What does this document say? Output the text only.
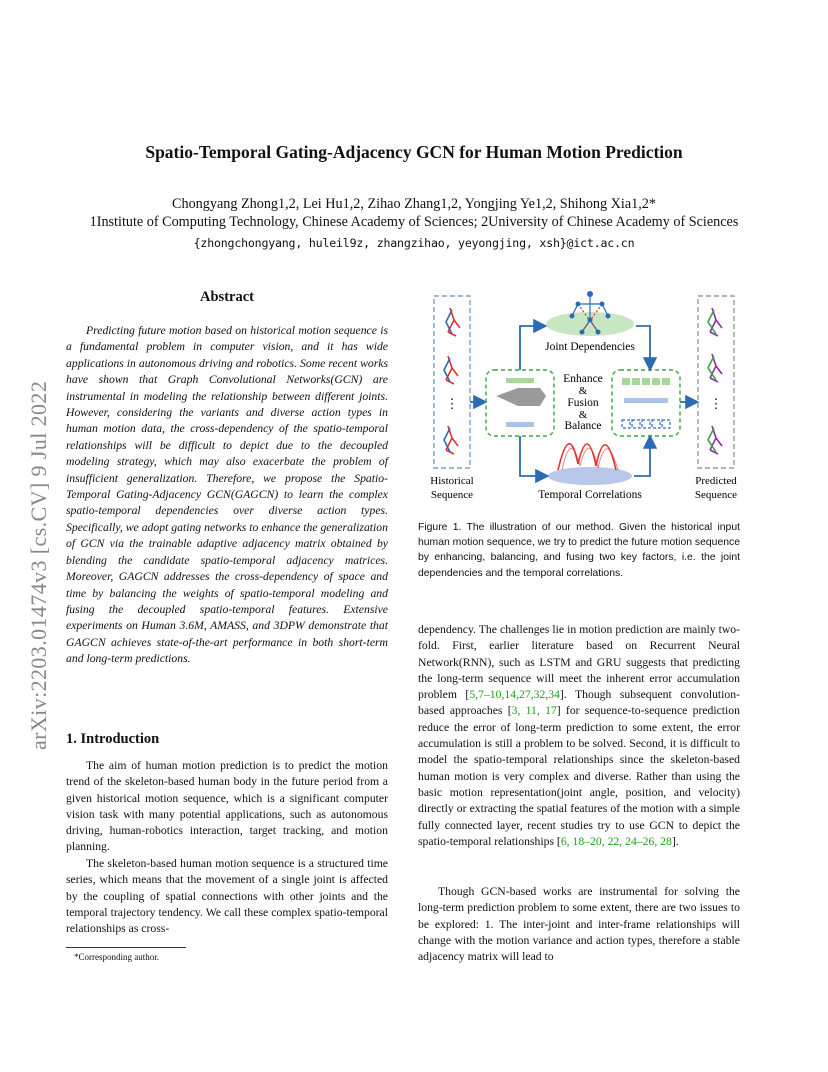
Spatio-Temporal Gating-Adjacency GCN for Human Motion Prediction
Chongyang Zhong1,2, Lei Hu1,2, Zihao Zhang1,2, Yongjing Ye1,2, Shihong Xia1,2*
1Institute of Computing Technology, Chinese Academy of Sciences; 2University of Chinese Academy of Sciences
{zhongchongyang, huleil9z, zhangzihao, yeyongjing, xsh}@ict.ac.cn
arXiv:2203.01474v3 [cs.CV] 9 Jul 2022
Abstract
Predicting future motion based on historical motion sequence is a fundamental problem in computer vision, and it has wide applications in autonomous driving and robotics. Some recent works have shown that Graph Convolutional Networks(GCN) are instrumental in modeling the relationship between different joints. However, considering the variants and diverse action types in human motion data, the cross-dependency of the spatio-temporal relationships will be difficult to depict due to the decoupled modeling strategy, which may also exacerbate the problem of insufficient generalization. Therefore, we propose the Spatio-Temporal Gating-Adjacency GCN(GAGCN) to learn the complex spatio-temporal dependencies over diverse action types. Specifically, we adopt gating networks to enhance the generalization of GCN via the trainable adaptive adjacency matrix obtained by blending the candidate spatio-temporal adjacency matrices. Moreover, GAGCN addresses the cross-dependency of space and time by balancing the weights of spatio-temporal modeling and fusing the decoupled spatio-temporal features. Extensive experiments on Human 3.6M, AMASS, and 3DPW demonstrate that GAGCN achieves state-of-the-art performance in both short-term and long-term predictions.
1. Introduction
The aim of human motion prediction is to predict the motion trend of the skeleton-based human body in the future period from a given historical motion sequence, which is a significant computer vision task with many potential applications, such as autonomous driving, human-robotics interaction, target tracking, and motion planning.
The skeleton-based human motion sequence is a structured time series, which means that the movement of a single joint is affected by the coupling of spatial connections with other joints and the temporal trajectory tendency. We call these complex spatio-temporal relationships as cross-
*Corresponding author.
⋮	⋮
Joint Dependencies
Enhance
&
Fusion
&
Balance
Temporal Correlations
Historical
Sequence
Predicted
Sequence
Figure 1. The illustration of our method. Given the historical input human motion sequence, we try to predict the future motion sequence by enhancing, balancing, and fusing two key factors, i.e. the joint dependencies and the temporal correlations.
dependency. The challenges lie in motion prediction are mainly two-fold. First, earlier literature based on Recurrent Neural Network(RNN), such as LSTM and GRU suggests that predicting the long-term sequence will meet the inherent error accumulation problem [5,7–10,14,27,32,34]. Though subsequent convolution-based approaches [3, 11, 17] for sequence-to-sequence prediction reduce the error of long-term prediction to some extent, the error accumulation is still a problem to be solved. Second, it is difficult to model the spatio-temporal relationships since the skeleton-based human motion is very complex and diverse. Rather than using the basic motion representation(joint angle, position, and velocity) directly or extracting the spatial features of the motion with a simple fully connected layer, recent studies try to use GCN to depict the spatio-temporal relationships [6, 18–20, 22, 24–26, 28].
Though GCN-based works are instrumental for solving the long-term prediction problem to some extent, there are two issues to be explored: 1. The inter-joint and inter-frame relationships will change with the motion variance and action types, therefore a stable adjacency matrix will lead to
